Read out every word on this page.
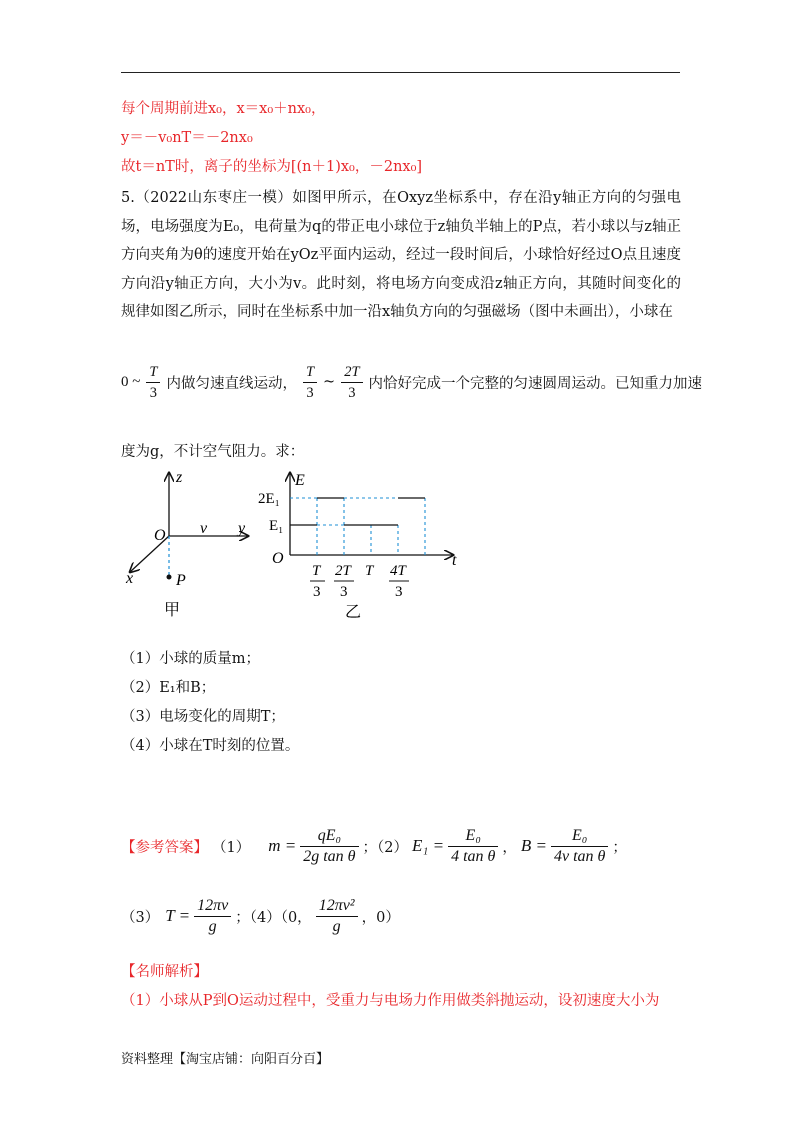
每个周期前进x₀，x＝x₀＋nx₀，
y＝－v₀nT＝－2nx₀
故t＝nT时，离子的坐标为[(n＋1)x₀，－2nx₀]
5.（2022山东枣庄一模）如图甲所示，在Oxyz坐标系中，存在沿y轴正方向的匀强电场，电场强度为E₀，电荷量为q的带正电小球位于z轴负半轴上的P点，若小球以与z轴正方向夹角为θ的速度开始在yOz平面内运动，经过一段时间后，小球恰好经过O点且速度方向沿y轴正方向，大小为v。此时刻，将电场方向变成沿z轴正方向，其随时间变化的规律如图乙所示，同时在坐标系中加一沿x轴负方向的匀强磁场（图中未画出），小球在
0 ~ $\frac{T}{3}$ 内做匀速直线运动， $\frac{T}{3}$ ~ $\frac{2T}{3}$ 内恰好完成一个完整的匀速圆周运动。已知重力加速
度为g，不计空气阻力。求：
z
y
x
v
O
P
甲
E
t
O
2E₁
E₁
T
3
2T
3
T 4T
3
乙
（1）小球的质量m；
（2）E₁和B；
（3）电场变化的周期T；
（4）小球在T时刻的位置。
【参考答案】 （1） $m = \frac{\text{qE₀}}{\text{2g tan θ}}$ ；（2） $E_1 = \frac{\text{E₀}}{\text{4 tan θ}}$ ， $B = \frac{\text{E₀}}{\text{4v tan θ}}$ ；
（3） $T = \frac{12\pi v}{g}$ ；（4）（0， $\frac{\text{12πv²}}{g}$ ，0）
【名师解析】
（1）小球从P到O运动过程中，受重力与电场力作用做类斜抛运动，设初速度大小为
资料整理【淘宝店铺：向阳百分百】
